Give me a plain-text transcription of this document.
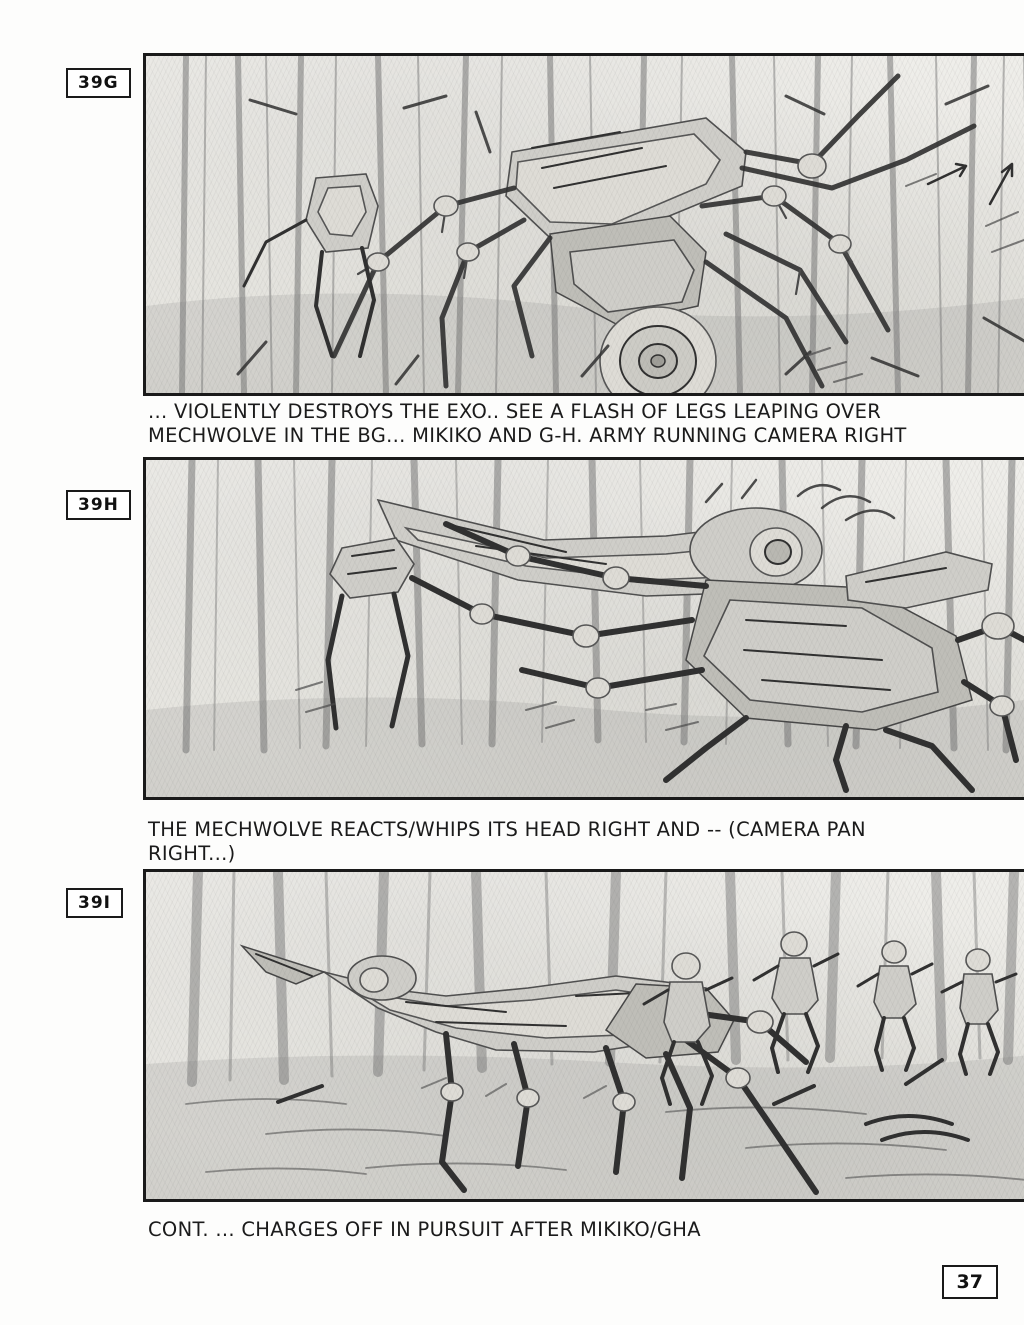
39G
... VIOLENTLY DESTROYS THE EXO.. SEE A FLASH OF LEGS LEAPING OVER MECHWOLVE IN THE BG... MIKIKO AND G-H. ARMY RUNNING CAMERA RIGHT
39H
THE MECHWOLVE REACTS/WHIPS ITS HEAD RIGHT AND -- (CAMERA PAN RIGHT...)
39I
CONT. ... CHARGES OFF IN PURSUIT AFTER MIKIKO/GHA
37
